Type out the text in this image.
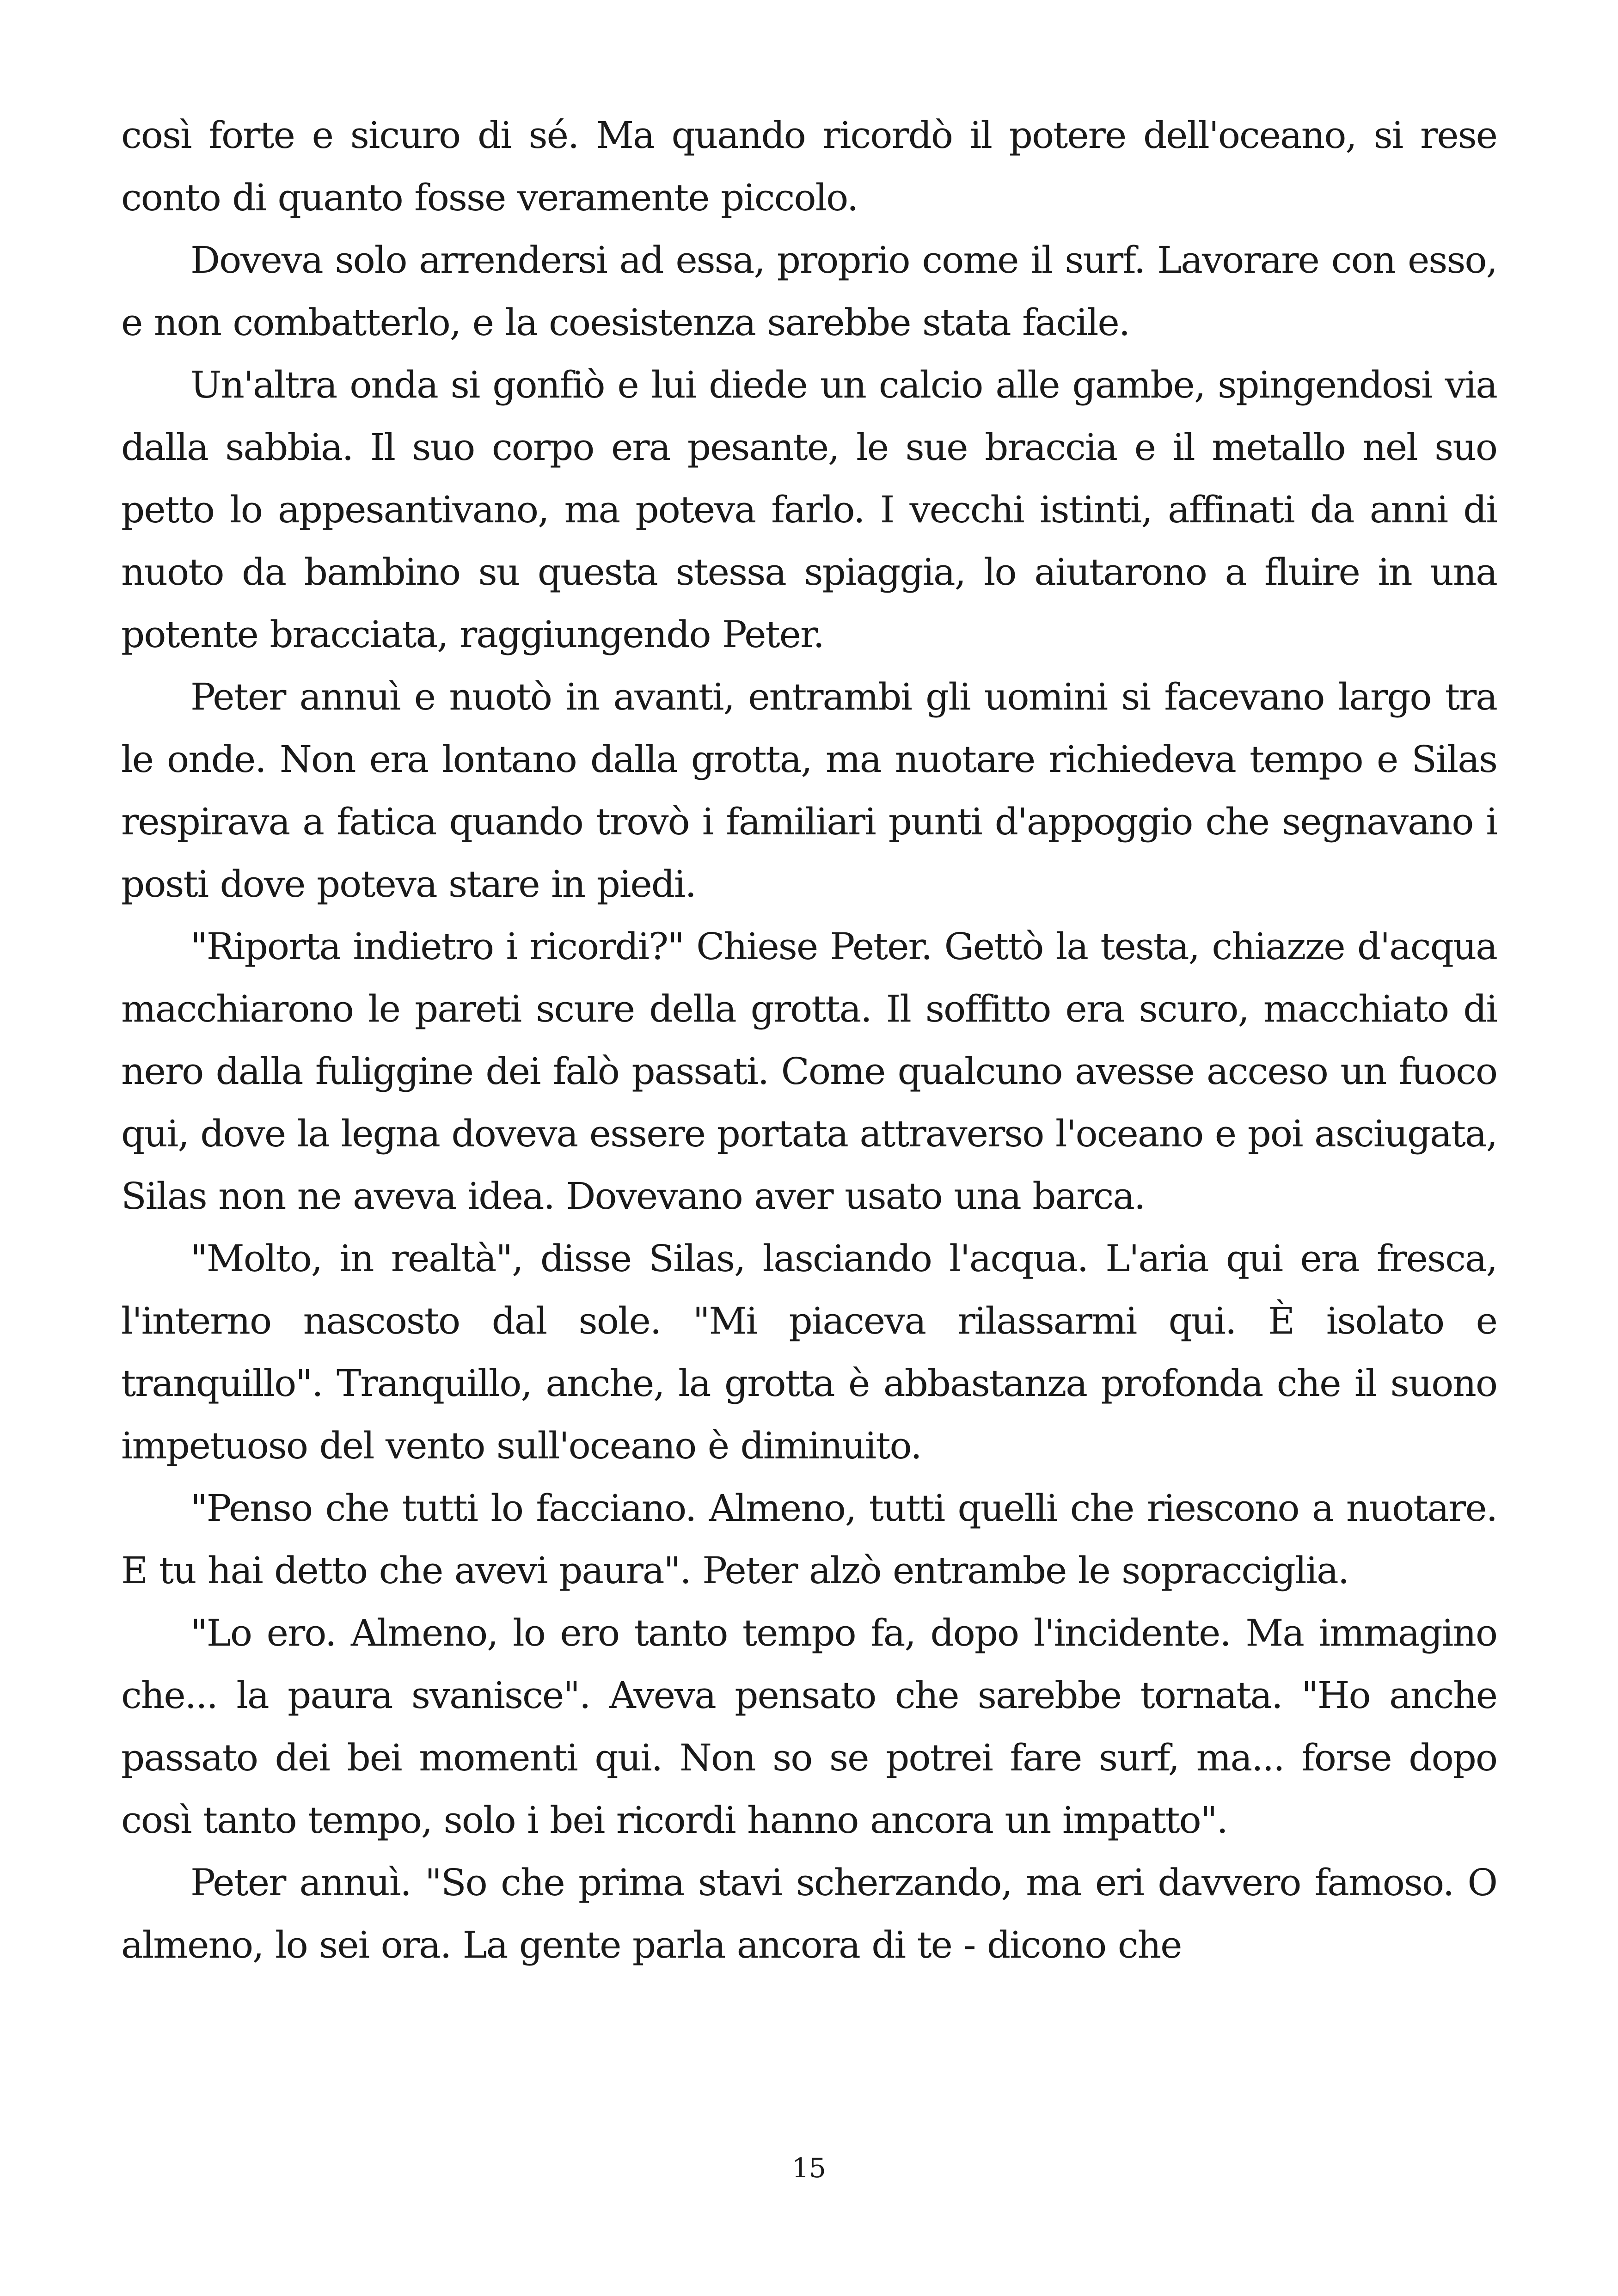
così forte e sicuro di sé. Ma quando ricordò il potere dell'oceano, si rese conto di quanto fosse veramente piccolo.

Doveva solo arrendersi ad essa, proprio come il surf. Lavorare con esso, e non combatterlo, e la coesistenza sarebbe stata facile.

Un'altra onda si gonfiò e lui diede un calcio alle gambe, spingendosi via dalla sabbia. Il suo corpo era pesante, le sue braccia e il metallo nel suo petto lo appesantivano, ma poteva farlo. I vecchi istinti, affinati da anni di nuoto da bambino su questa stessa spiaggia, lo aiutarono a fluire in una potente bracciata, raggiungendo Peter.

Peter annuì e nuotò in avanti, entrambi gli uomini si facevano largo tra le onde. Non era lontano dalla grotta, ma nuotare richiedeva tempo e Silas respirava a fatica quando trovò i familiari punti d'appoggio che segnavano i posti dove poteva stare in piedi.

"Riporta indietro i ricordi?" Chiese Peter. Gettò la testa, chiazze d'acqua macchiarono le pareti scure della grotta. Il soffitto era scuro, macchiato di nero dalla fuliggine dei falò passati. Come qualcuno avesse acceso un fuoco qui, dove la legna doveva essere portata attraverso l'oceano e poi asciugata, Silas non ne aveva idea. Dovevano aver usato una barca.

"Molto, in realtà", disse Silas, lasciando l'acqua. L'aria qui era fresca, l'interno nascosto dal sole. "Mi piaceva rilassarmi qui. È isolato e tranquillo". Tranquillo, anche, la grotta è abbastanza profonda che il suono impetuoso del vento sull'oceano è diminuito.

"Penso che tutti lo facciano. Almeno, tutti quelli che riescono a nuotare. E tu hai detto che avevi paura". Peter alzò entrambe le sopracciglia.

"Lo ero. Almeno, lo ero tanto tempo fa, dopo l'incidente. Ma immagino che... la paura svanisce". Aveva pensato che sarebbe tornata. "Ho anche passato dei bei momenti qui. Non so se potrei fare surf, ma... forse dopo così tanto tempo, solo i bei ricordi hanno ancora un impatto".

Peter annuì. "So che prima stavi scherzando, ma eri davvero famoso. O almeno, lo sei ora. La gente parla ancora di te - dicono che

15
